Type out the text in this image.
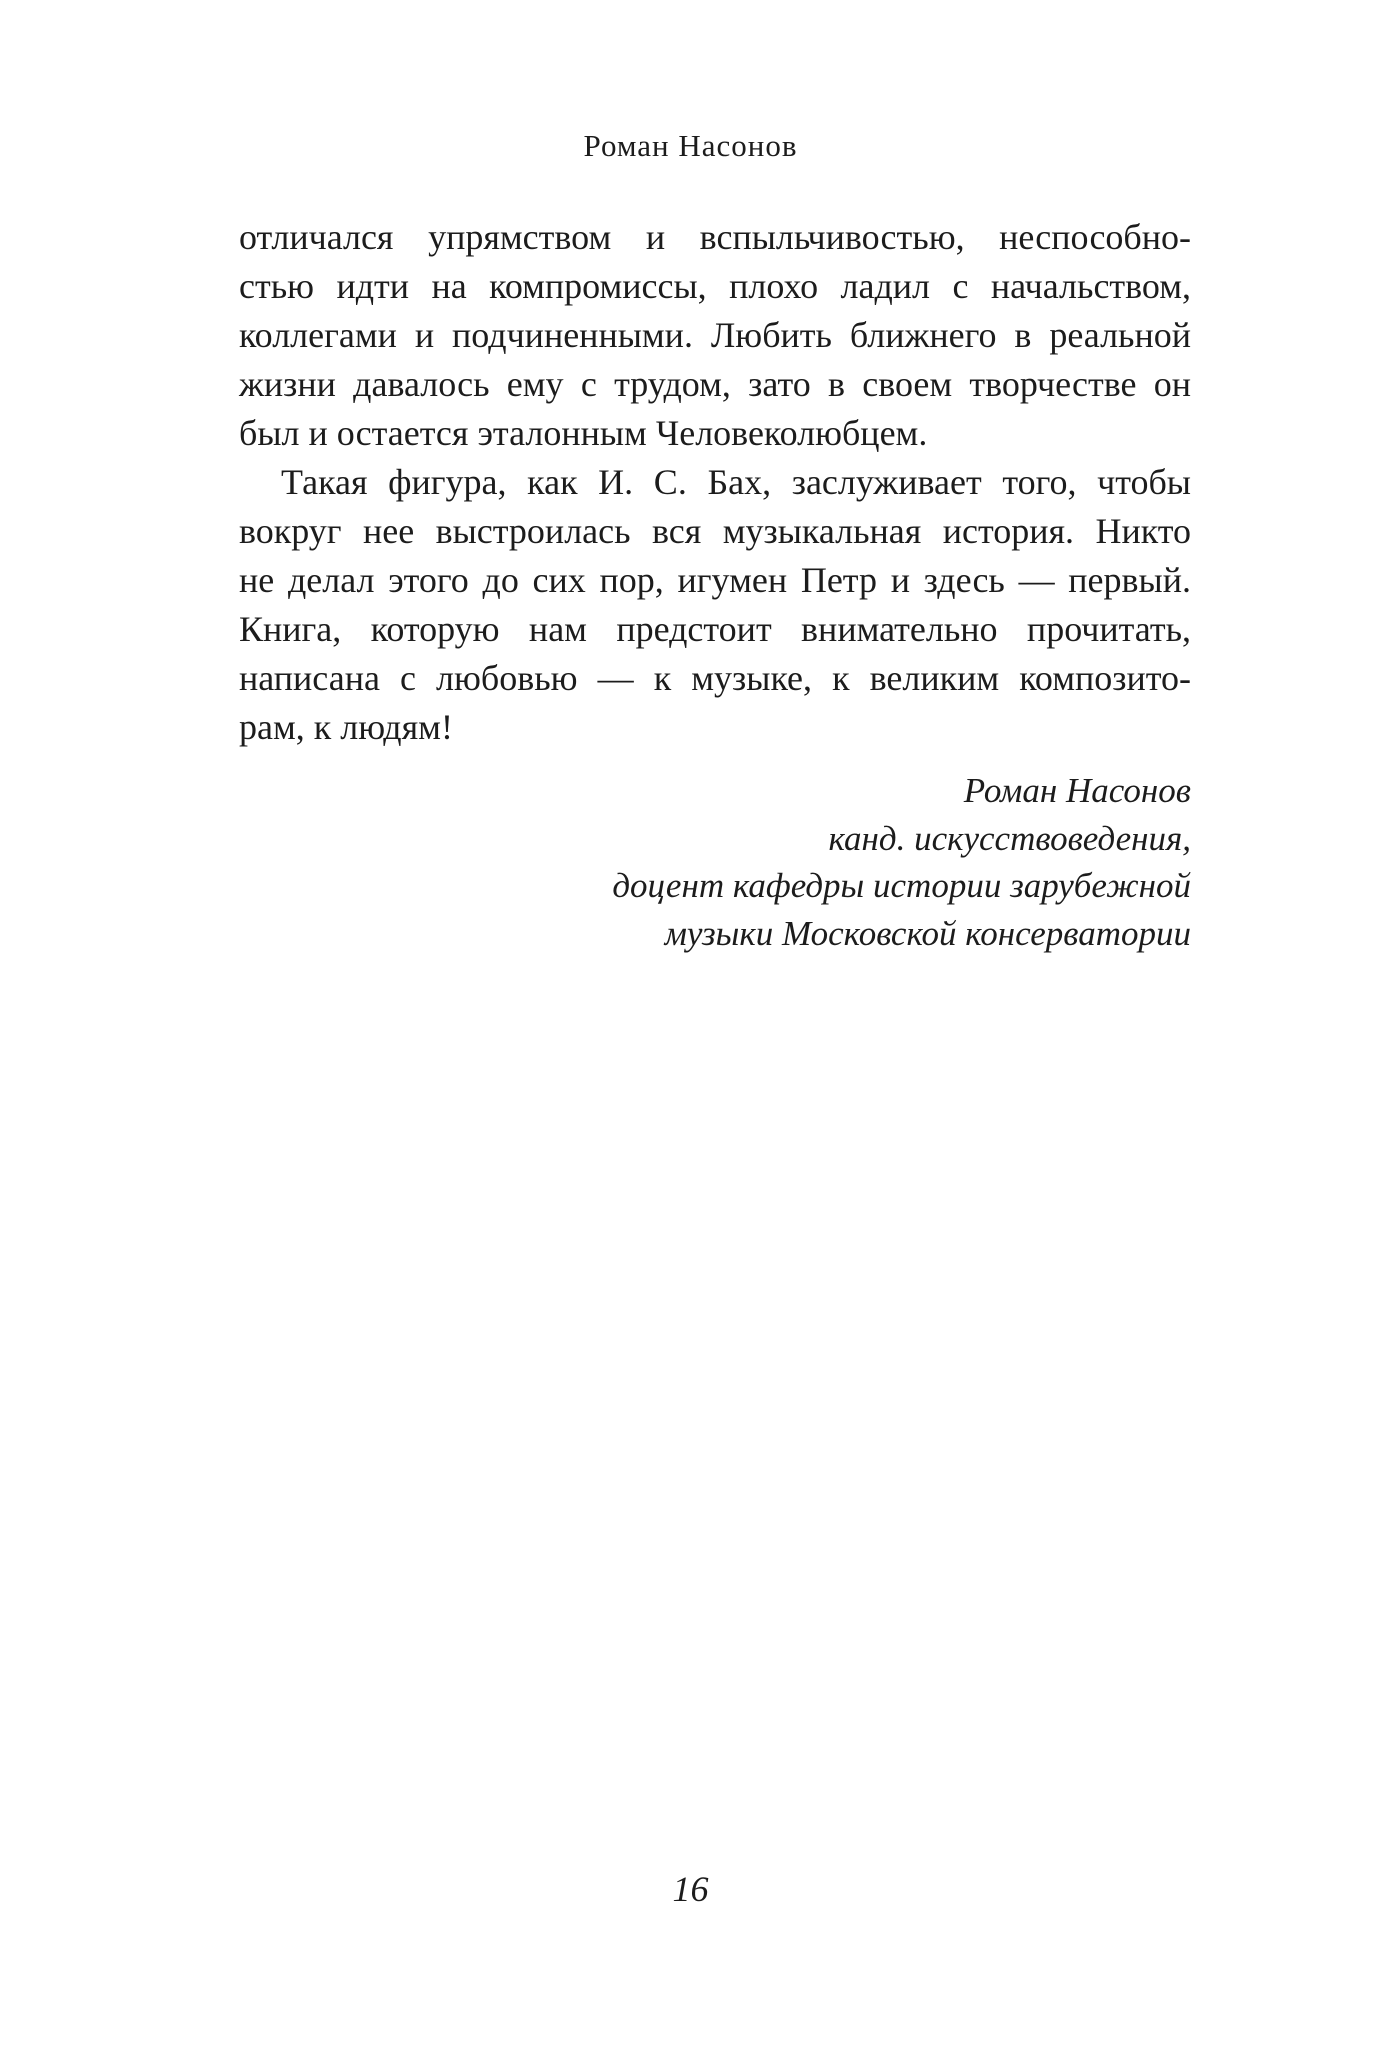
Роман Насонов

отличался упрямством и вспыльчивостью, неспособно-
стью идти на компромиссы, плохо ладил с начальством,
коллегами и подчиненными. Любить ближнего в реальной
жизни давалось ему с трудом, зато в своем творчестве он
был и остается эталонным Человеколюбцем.

Такая фигура, как И. С. Бах, заслуживает того, чтобы
вокруг нее выстроилась вся музыкальная история. Никто
не делал этого до сих пор, игумен Петр и здесь — первый.
Книга, которую нам предстоит внимательно прочитать,
написана с любовью — к музыке, к великим композито-
рам, к людям!

Роман Насонов
канд. искусствоведения,
доцент кафедры истории зарубежной
музыки Московской консерватории
16
